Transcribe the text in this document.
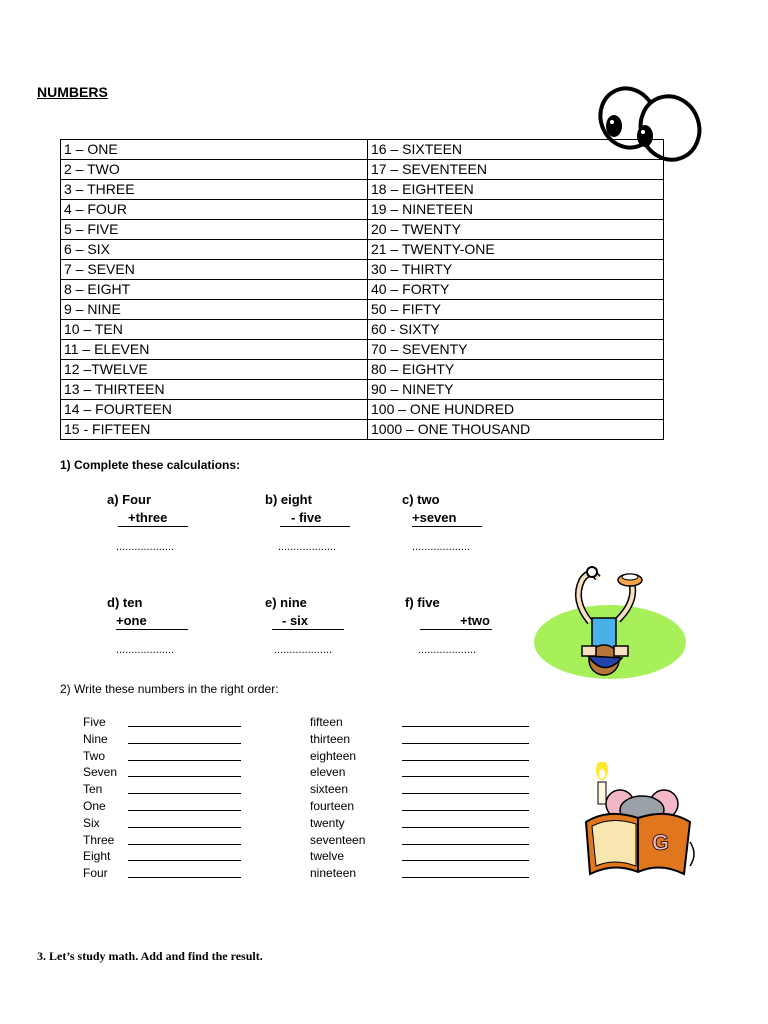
NUMBERS
1 – ONE	16 – SIXTEEN
2 – TWO	17 – SEVENTEEN
3 – THREE	18 – EIGHTEEN
4 – FOUR	19 – NINETEEN
5 – FIVE	20 – TWENTY
6 – SIX	21 – TWENTY-ONE
7 – SEVEN	30 – THIRTY
8 – EIGHT	40 – FORTY
9 – NINE	50 – FIFTY
10 – TEN	60 - SIXTY
11 – ELEVEN	70 – SEVENTY
12 –TWELVE	80 – EIGHTY
13 – THIRTEEN	90 – NINETY
14 – FOURTEEN	100 – ONE HUNDRED
15 - FIFTEEN	1000 – ONE THOUSAND
1) Complete these calculations:
a) Four
+three
...................
b) eight
- five
...................
c) two
+seven
...................
d) ten
+one
...................
e) nine
- six
...................
f) five
+two
...................
2) Write these numbers in the right order:
Five
Nine
Two
Seven
Ten
One
Six
Three
Eight
Four
fifteen
thirteen
eighteen
eleven
sixteen
fourteen
twenty
seventeen
twelve
nineteen
G
3. Let’s study math. Add and find the result.
